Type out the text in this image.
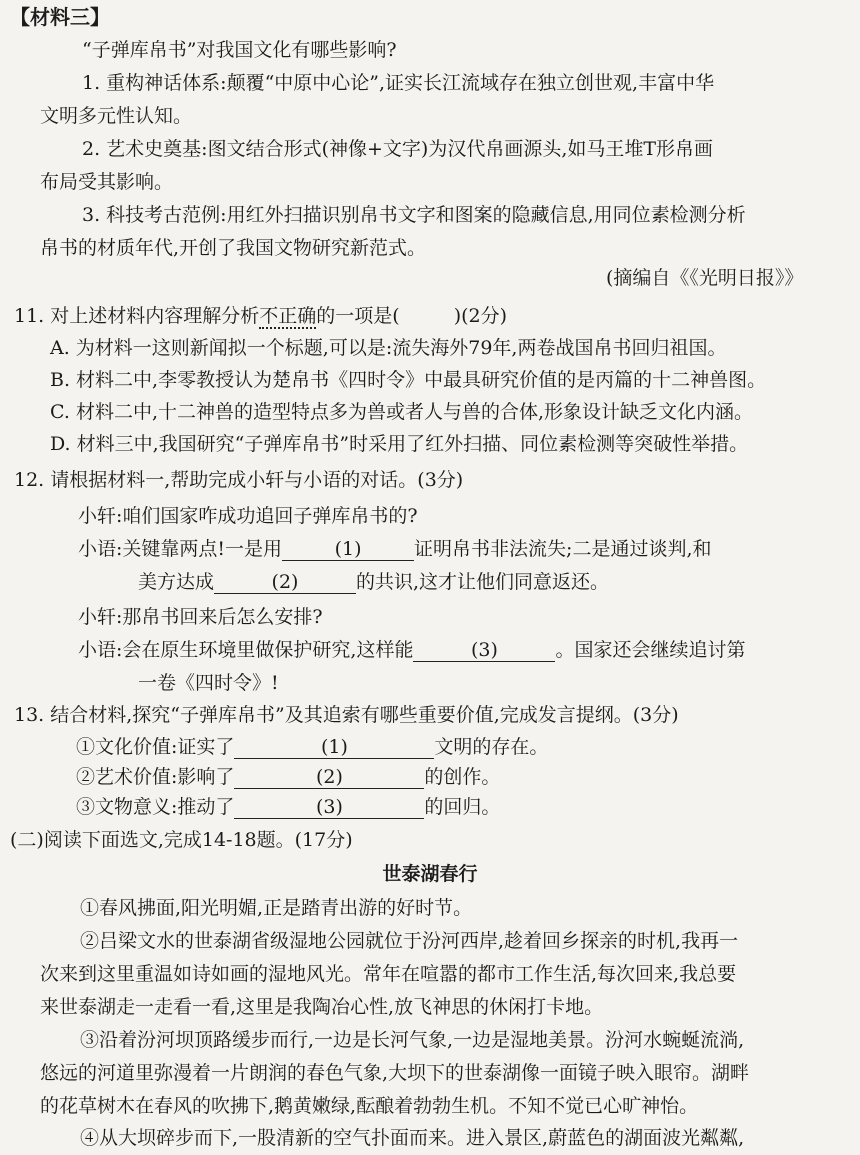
【材料三】
“子弹库帛书”对我国文化有哪些影响?
1. 重构神话体系:颠覆“中原中心论”,证实长江流域存在独立创世观,丰富中华
文明多元性认知。
2. 艺术史奠基:图文结合形式(神像+文字)为汉代帛画源头,如马王堆T形帛画
布局受其影响。
3. 科技考古范例:用红外扫描识别帛书文字和图案的隐藏信息,用同位素检测分析
帛书的材质年代,开创了我国文物研究新范式。
(摘编自《《光明日报》》
11. 对上述材料内容理解分析不正确的一项是(	)(2分)
A. 为材料一这则新闻拟一个标题,可以是:流失海外79年,两卷战国帛书回归祖国。
B. 材料二中,李零教授认为楚帛书《四时令》中最具研究价值的是丙篇的十二神兽图。
C. 材料二中,十二神兽的造型特点多为兽或者人与兽的合体,形象设计缺乏文化内涵。
D. 材料三中,我国研究“子弹库帛书”时采用了红外扫描、同位素检测等突破性举措。
12. 请根据材料一,帮助完成小轩与小语的对话。(3分)
小轩:咱们国家咋成功追回子弹库帛书的?
小语:关键靠两点!一是用	(1)	证明帛书非法流失;二是通过谈判,和
美方达成	(2)	的共识,这才让他们同意返还。
小轩:那帛书回来后怎么安排?
小语:会在原生环境里做保护研究,这样能	(3)	。国家还会继续追讨第
一卷《四时令》!
13. 结合材料,探究“子弹库帛书”及其追索有哪些重要价值,完成发言提纲。(3分)
①文化价值:证实了	(1)	文明的存在。
②艺术价值:影响了	(2)	的创作。
③文物意义:推动了	(3)	的回归。
(二)阅读下面选文,完成14-18题。(17分)
世泰湖春行
①春风拂面,阳光明媚,正是踏青出游的好时节。
②吕梁文水的世泰湖省级湿地公园就位于汾河西岸,趁着回乡探亲的时机,我再一
次来到这里重温如诗如画的湿地风光。常年在喧嚣的都市工作生活,每次回来,我总要
来世泰湖走一走看一看,这里是我陶冶心性,放飞神思的休闲打卡地。
③沿着汾河坝顶路缓步而行,一边是长河气象,一边是湿地美景。汾河水蜿蜒流淌,
悠远的河道里弥漫着一片朗润的春色气象,大坝下的世泰湖像一面镜子映入眼帘。湖畔
的花草树木在春风的吹拂下,鹅黄嫩绿,酝酿着勃勃生机。不知不觉已心旷神怡。
④从大坝碎步而下,一股清新的空气扑面而来。进入景区,蔚蓝色的湖面波光粼粼,
